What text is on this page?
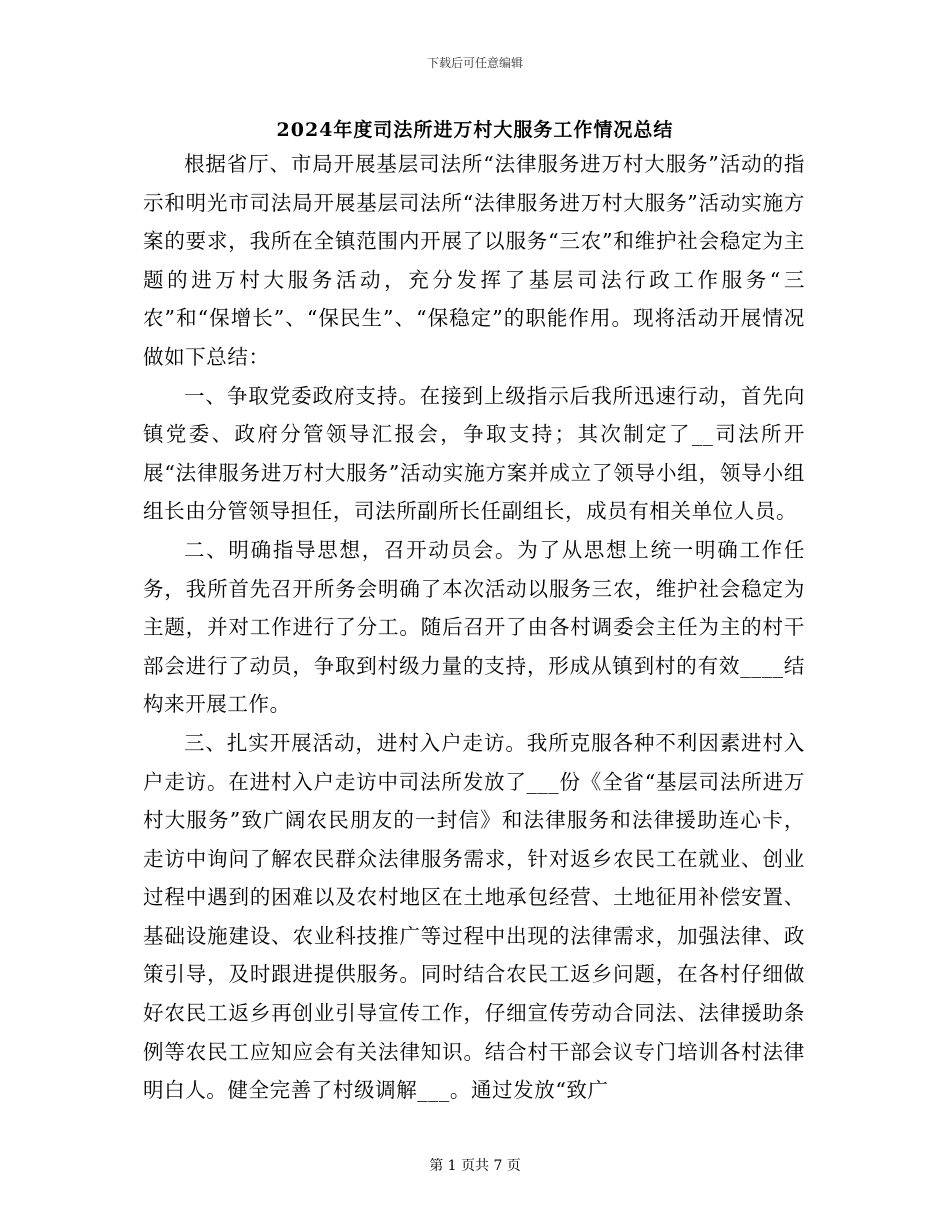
下载后可任意编辑
2024年度司法所进万村大服务工作情况总结

根据省厅、市局开展基层司法所“法律服务进万村大服务”活动的指示和明光市司法局开展基层司法所“法律服务进万村大服务”活动实施方案的要求，我所在全镇范围内开展了以服务“三农”和维护社会稳定为主题的进万村大服务活动，充分发挥了基层司法行政工作服务“三农”和“保增长”、“保民生”、“保稳定”的职能作用。现将活动开展情况做如下总结：

一、争取党委政府支持。在接到上级指示后我所迅速行动，首先向镇党委、政府分管领导汇报会，争取支持；其次制定了__司法所开展“法律服务进万村大服务”活动实施方案并成立了领导小组，领导小组组长由分管领导担任，司法所副所长任副组长，成员有相关单位人员。

二、明确指导思想，召开动员会。为了从思想上统一明确工作任务，我所首先召开所务会明确了本次活动以服务三农，维护社会稳定为主题，并对工作进行了分工。随后召开了由各村调委会主任为主的村干部会进行了动员，争取到村级力量的支持，形成从镇到村的有效____结构来开展工作。

三、扎实开展活动，进村入户走访。我所克服各种不利因素进村入户走访。在进村入户走访中司法所发放了___份《全省“基层司法所进万村大服务”致广阔农民朋友的一封信》和法律服务和法律援助连心卡，走访中询问了解农民群众法律服务需求，针对返乡农民工在就业、创业过程中遇到的困难以及农村地区在土地承包经营、土地征用补偿安置、基础设施建设、农业科技推广等过程中出现的法律需求，加强法律、政策引导，及时跟进提供服务。同时结合农民工返乡问题，在各村仔细做好农民工返乡再创业引导宣传工作，仔细宣传劳动合同法、法律援助条例等农民工应知应会有关法律知识。结合村干部会议专门培训各村法律明白人。健全完善了村级调解___。通过发放“致广

第 1 页共 7 页
